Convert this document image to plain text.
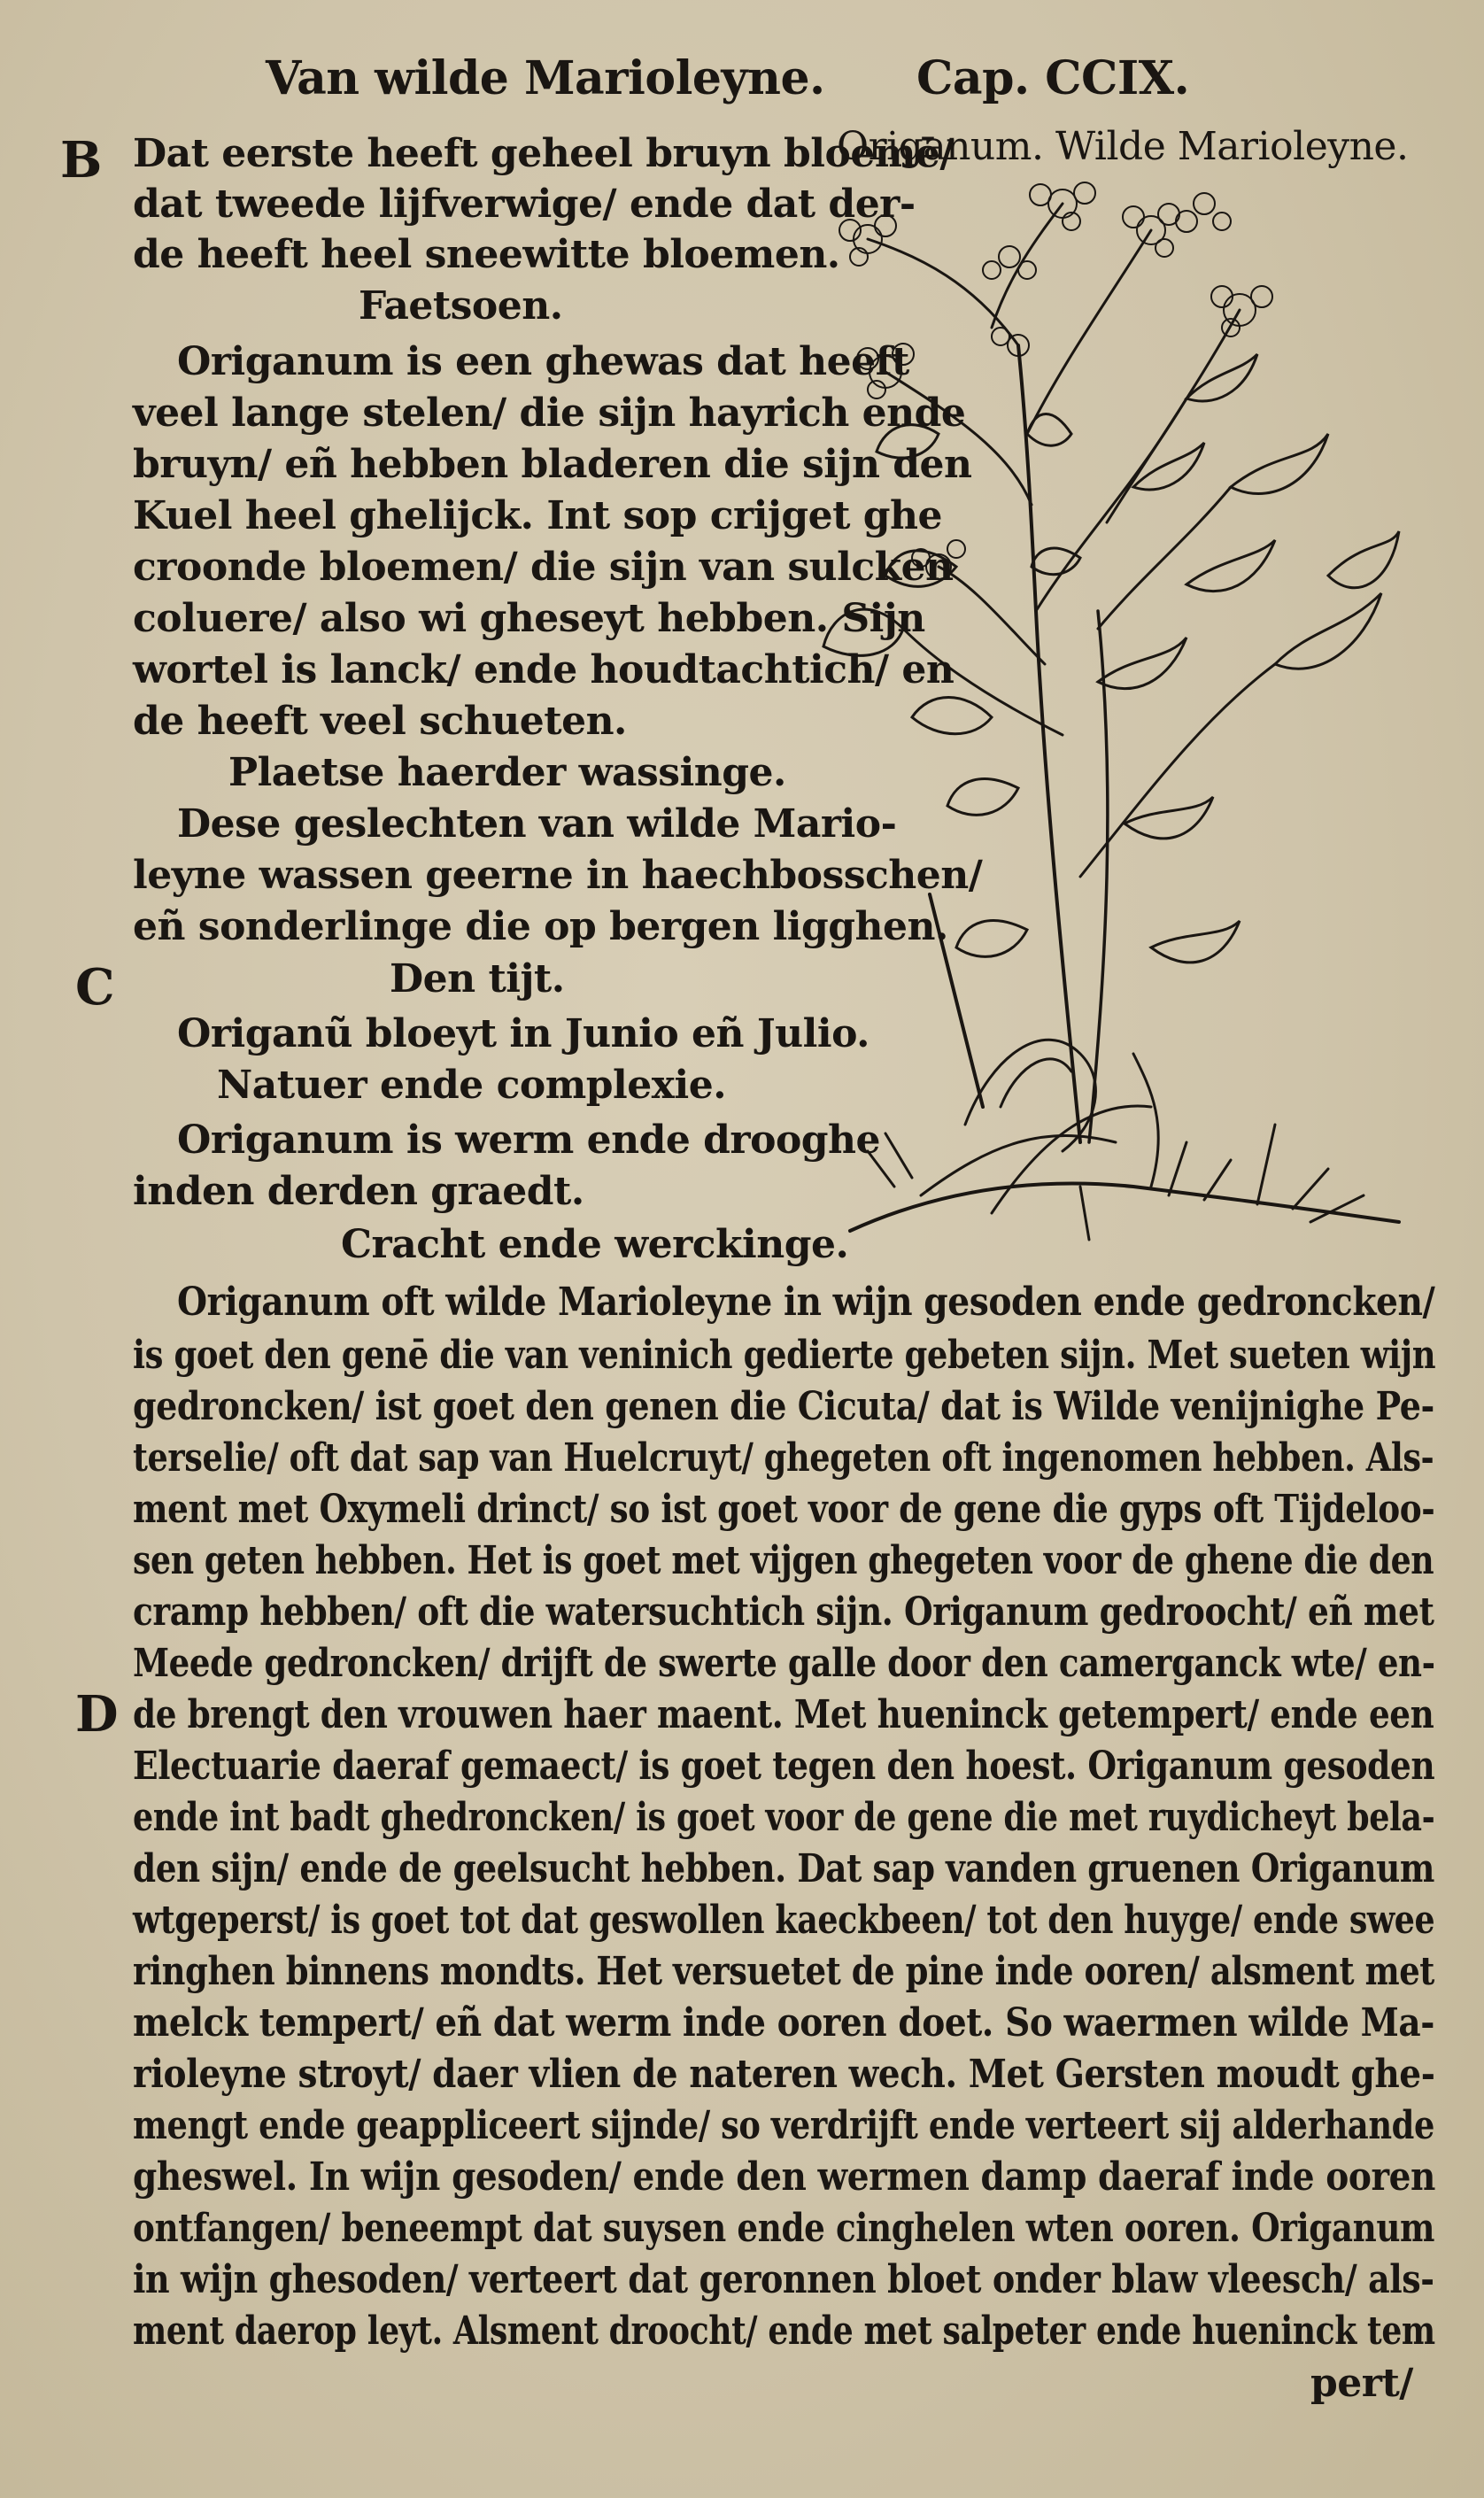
Van wilde Marioleyne. Cap. CCIX.
B
C
D
Origanum. Wilde Marioleyne.
Dat eerste heeft geheel bruyn bloemē/
dat tweede lijfverwige/ ende dat der-
de heeft heel sneewitte bloemen.
Faetsoen.
Origanum is een ghewas dat heeft
veel lange stelen/ die sijn hayrich ende
bruyn/ eñ hebben bladeren die sijn den
Kuel heel ghelijck. Int sop crijget ghe
croonde bloemen/ die sijn van sulcken
coluere/ also wi gheseyt hebben. Sijn
wortel is lanck/ ende houdtachtich/ en
de heeft veel schueten.
Plaetse haerder wassinge.
Dese geslechten van wilde Mario-
leyne wassen geerne in haechbosschen/
eñ sonderlinge die op bergen ligghen.
Den tijt.
Origanũ bloeyt in Junio eñ Julio.
Natuer ende complexie.
Origanum is werm ende drooghe
inden derden graedt.
Cracht ende werckinge.
Origanum oft wilde Marioleyne in wijn gesoden ende gedroncken/
is goet den genē die van veninich gedierte gebeten sijn. Met sueten wijn
gedroncken/ ist goet den genen die Cicuta/ dat is Wilde venijnighe Pe-
terselie/ oft dat sap van Huelcruyt/ ghegeten oft ingenomen hebben. Als-
ment met Oxymeli drinct/ so ist goet voor de gene die gyps oft Tijdeloo-
sen geten hebben. Het is goet met vijgen ghegeten voor de ghene die den
cramp hebben/ oft die watersuchtich sijn. Origanum gedroocht/ eñ met
Meede gedroncken/ drijft de swerte galle door den camerganck wte/ en-
de brengt den vrouwen haer maent. Met hueninck getempert/ ende een
Electuarie daeraf gemaect/ is goet tegen den hoest. Origanum gesoden
ende int badt ghedroncken/ is goet voor de gene die met ruydicheyt bela-
den sijn/ ende de geelsucht hebben. Dat sap vanden gruenen Origanum
wtgeperst/ is goet tot dat geswollen kaeckbeen/ tot den huyge/ ende swee
ringhen binnens mondts. Het versuetet de pine inde ooren/ alsment met
melck tempert/ eñ dat werm inde ooren doet. So waermen wilde Ma-
rioleyne stroyt/ daer vlien de nateren wech. Met Gersten moudt ghe-
mengt ende geappliceert sijnde/ so verdrijft ende verteert sij alderhande
gheswel. In wijn gesoden/ ende den wermen damp daeraf inde ooren
ontfangen/ beneempt dat suysen ende cinghelen wten ooren. Origanum
in wijn ghesoden/ verteert dat geronnen bloet onder blaw vleesch/ als-
ment daerop leyt. Alsment droocht/ ende met salpeter ende hueninck tem
pert/
